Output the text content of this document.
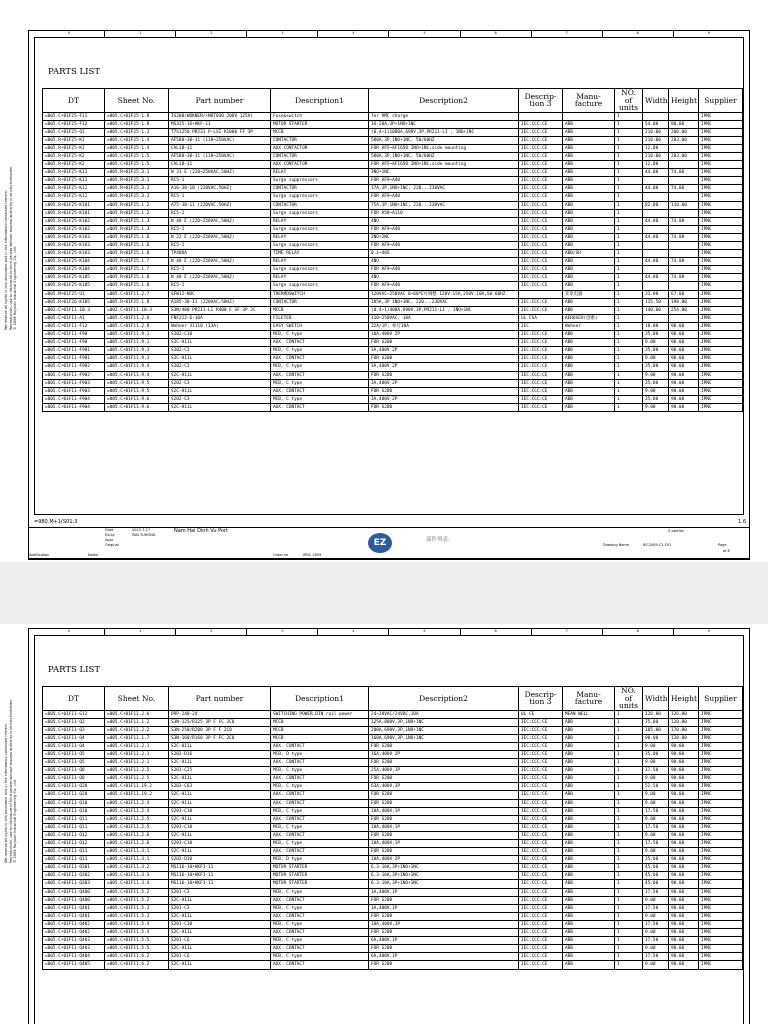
0	1	2	3	4	5	6	7	8	9
We reserve all rights in this document and in the information contained therein. Reproduction, use or disclosure to third parties without express authority is strictly forbidden. © 2009 Ruiyuan Industrial Engineering Co., Ltd.
PARTS LIST
DT	Sheet No.	Part number	Description1	Description2	Descrip- tion 3	Manu- facture	NO. of units	Width	Height	Supplier
=005.C+01F25-F11	=005.C+01F25.1.8	IS200/WOKNER/+N8T030 200V 125A(	Fuse&switch	for RMC charge			1			IPNC
=005.C+01F25-F12	=005.C+01F25.1.8	MS325-16+HKF-11	MOTOR STARTER	16-20A,3P+1NO+1NC	IEC:CCC:CE	ABB	1	54.00	80.00	IPNC
=005.C+01F25-Q1	=005.C+01F25.1.3	T7S1250 PR231 P-LSI R1000 FF 3P	MCCB	(0.4~1)1000A,690V,3P,PR211-LI , 1NO+1NC	IEC:CCC:CE	ABB	1	210.00	200.00	IPNC
=005.R+01F25-K1	=005.C+01F25.1.4	AF580-30-11 (110~250VAC)	CONTACTOR	580A,3P,1NO+1NC, 50/60HZ	IEC:CCC:CE	ABB	1	210.00	203.00	IPNC
=005.R+01F25-K1	=005.C+01F25.1.4	CAL18-11	AUX CONTACTOR	FOR AF5~AF1650 1NO+1NC,side mounting	IEC:CCC:CE	ABB	1	12.00		IPNC
=005.R+01F25-K2	=005.C+01F25.1.5	AF580-30-11 (110~250VAC)	CONTACTOR	580A,3P,1NO+1NC, 50/60HZ	IEC:CCC:CE	ABB	1	210.00	203.00	IPNC
=005.R+01F25-K2	=005.C+01F25.1.5	CAL18-11	AUX CONTACTOR	FOR AF5~AF1650 1NO+1NC,side mounting	IEC:CCC:CE	ABB	1	12.00		IPNC
=005.R+01F25-K11	=005.R+01F25.3.1	N 31 E (220~250VAC,50HZ)	RELAY	3NO+1NC	IEC:CCC:CE	ABB	1	44.00	74.00	IPNC
=005.R+01F25-K11	=005.R+01F25.3.1	RC5-1	Surge suppressors	FOR AF9~A40	IEC:CCC:CE	ABB	1			IPNC
=005.R+01F25-K12	=005.R+01F25.3.3	A16-30-10 (220VAC,50HZ)	CONTACTOR	17A,3P,1NO+1NC, 220...230VAC	IEC:CCC:CE	ABB	1	44.00	74.00	IPNC
=005.R+01F25-K12	=005.R+01F25.3.3	RC5-1	Surge suppressors	FOR AF9~A40	IEC:CCC:CE	ABB	1			IPNC
=005.R+01F25-K101	=005.R+01F25.1.2	A75-30-11 (220VAC,50HZ)	CONTACTOR	75A,3P,1NO+1NC, 220...230VAC	IEC:CCC:CE	ABB	1	82.00	110.00	IPNC
=005.R+01F25-K101	=005.R+01F25.1.2	RC5-2	Surge suppressors	FOR A50~A110	IEC:CCC:CE	ABB	1			IPNC
=005.R+01F25-K102	=005.R+01F25.1.3	N 40 E (220~250VAC,50HZ)	RELAY	4NO	IEC:CCC:CE	ABB	1	44.00	74.00	IPNC
=005.R+01F25-K102	=005.R+01F25.1.3	RC5-1	Surge suppressors	FOR AF9~A40	IEC:CCC:CE	ABB	1			IPNC
=005.R+01F25-K103	=005.R+01F25.1.6	N 22 E (220~250VAC,50HZ)	RELAY	2NO+2NC	IEC:CCC:CE	ABB	1	44.00	74.00	IPNC
=005.R+01F25-K103	=005.R+01F25.1.6	RC5-1	Surge suppressors	FOR AF9~A40	IEC:CCC:CE	ABB	1			IPNC
=005.R+01F25-K103	=005.R+01F25.1.8	TP40DA	TIME RELAY	0.1~40S	IEC:CCC:CE	ABB/SH	1			IPNC
=005.R+01F25-K104	=005.R+01F25.1.7	N 40 E (220~250VAC,50HZ)	RELAY	4NO	IEC:CCC:CE	ABB	1	44.00	74.00	IPNC
=005.R+01F25-K104	=005.R+01F25.1.7	RC5-1	Surge suppressors	FOR AF9~A40	IEC:CCC:CE	ABB	1			IPNC
=005.R+01F25-K105	=005.R+01F25.1.8	N 40 E (220~250VAC,50HZ)	RELAY	4NO	IEC:CCC:CE	ABB	1	44.00	74.00	IPNC
=005.R+01F25-K105	=005.R+01F25.1.8	RC5-1	Surge suppressors	FOR AF9~A40	IEC:CCC:CE	ABB	1			IPNC
=005.M+01F25-U1	=005.C+01F11.2.7	SFW12-NOC	THERMOSWITCH	120VAC~250VAC 0~60℃可调整 120V:15A,250V:10A,50 60HZ		亚讯电器	1	33.00	67.00	IPNC
=005.R+01F26-K105	=005.R+01F25.1.8	A185-30-11 (220VAC,50HZ)	CONTACTOR	185A,3P 1NO+1NC, 220...230VAC	IEC:CCC:CE	ABB	1	115.50	198.00	IPNC
=002.C+01F11.10.3	=002.C+01F11.10.3	S3N/400 PR211-LI R400 F SF 3P 2C	MCCB	(0.4~1)400A,690V,3P,PR211-LI , 1NO+1NC	IEC:CCC:CE	ABB	1	140.00	254.00	IPNC
=005.C+01F11-A1	=005.C+01F11.2.6	FNF212-6-10A	FILETER	110~250VAC, 10A	UL CSA	AEROSEV(创惠)	1			IPNC
=005.C+01F11-F12	=005.C+01F11.2.8	Wehner 31110 (13A)	EASY SWITCH	32A/1P, 柜灯10A	IEC	Wehner	1	18.00	90.00	IPNC
=005.C+01F11-F90	=005.C+01F11.9.1	S202-C10	MCB, C type	10A,400V 2P	IEC:CCC:CE	ABB	1	35.00	90.00	IPNC
=005.C+01F11-F90	=005.C+01F11.9.1	S2C-H11L	AUX. CONTACT	FOR S200	IEC:CCC:CE	ABB	1	9.00	90.00	IPNC
=005.C+01F11-F901	=005.C+01F11.9.3	S202-C3	MCB, C type	3A,400V 2P	IEC:CCC:CE	ABB	1	35.00	90.00	IPNC
=005.C+01F11-F901	=005.C+01F11.9.3	S2C-H11L	AUX. CONTACT	FOR S200	IEC:CCC:CE	ABB	1	9.00	90.00	IPNC
=005.C+01F11-F902	=005.C+01F11.9.4	S202-C3	MCB, C type	3A,400V 2P	IEC:CCC:CE	ABB	1	35.00	90.00	IPNC
=005.C+01F11-F902	=005.C+01F11.9.4	S2C-H11L	AUX. CONTACT	FOR S200	IEC:CCC:CE	ABB	1	9.00	90.00	IPNC
=005.C+01F11-F903	=005.C+01F11.9.5	S202-C3	MCB, C type	3A,400V 2P	IEC:CCC:CE	ABB	1	35.00	90.00	IPNC
=005.C+01F11-F903	=005.C+01F11.9.5	S2C-H11L	AUX. CONTACT	FOR S200	IEC:CCC:CE	ABB	1	9.00	90.00	IPNC
=005.C+01F11-F904	=005.C+01F11.9.6	S202-C3	MCB, C type	3A,400V 2P	IEC:CCC:CE	ABB	1	35.00	90.00	IPNC
=005.C+01F11-F904	=005.C+01F11.9.6	S2C-H11L	AUX. CONTACT	FOR S200	IEC:CCC:CE	ABB	1	9.00	90.00	IPNC
=980.M+1(S01.3	1.6
Date	2013-7-17
Ed.by	PAN YUHONG
Appr
Original
Nam Hai Dinh Vu Port
Modification	Name	Order.no	IPNC-2009
EZ	部件列表:
Z partlist
Drawing Name	IEC2009-C1-F01	Page
of 8
0	1	2	3	4	5	6	7	8	9
We reserve all rights in this document and in the information contained therein. Reproduction, use or disclosure to third parties without express authority is strictly forbidden. © 2009 Ruiyuan Industrial Engineering Co., Ltd.
PARTS LIST
DT	Sheet No.	Part number	Description1	Description2	Descrip- tion 3	Manu- facture	NO. of units	Width	Height	Supplier
=005.C+01F11-G12	=005.C+01F11.2.6	DRP-240-24	SWITCHING POWER,DIN rail power	24~28VAC/24VDC,10A	UL CE	MEAN WELL	1	126.00	126.00	IPNC
=005.C+01F11-Q2	=005.C+01F11.1.2	S3N-125/R125 3P F FC 2C0	MCCB	125A,800V,3P,1NO+1NC	IEC:CCC:CE	ABB	1	75.00	120.00	IPNC
=005.C+01F11-Q3	=005.C+01F11.2.2	S3N-250/R200 3P F F 2C0	MCCB	200A,690V,3P,1NO+1NC	IEC:CCC:CE	ABB	1	105.00	170.00	IPNC
=005.C+01F11-Q4	=005.C+01F11.1.7	S3N-160/R160 3P F FC 2C0	MCCB	160A,690V,3P,1NO+1NC	IEC:CCC:CE	ABB	1	90.00	120.00	IPNC
=005.C+01F11-Q4	=005.C+01F11.2.1	S2C-H11L	AUX. CONTACT	FOR S200	IEC:CCC:CE	ABB	1	9.00	90.00	IPNC
=005.C+01F11-Q5	=005.C+01F11.2.1	S202-D16	MCB, D type	16A,400V 2P	IEC:CCC:CE	ABB	1	35.00	90.00	IPNC
=005.C+01F11-Q5	=005.C+01F11.2.1	S2C-H11L	AUX. CONTACT	FOR S200	IEC:CCC:CE	ABB	1	9.00	90.00	IPNC
=005.C+01F11-Q8	=005.C+01F11.2.5	S201-C25	MCB, C type	25A,400V,1P	IEC:CCC:CE	ABB	1	17.50	90.00	IPNC
=005.C+01F11-Q8	=005.C+01F11.2.5	S2C-H11L	AUX. CONTACT	FOR S200	IEC:CCC:CE	ABB	1	9.00	90.00	IPNC
=005.C+01F11-Q20	=005.C+01F11.19.2	S203-C63	MCB, C type	63A,400V,3P	IEC:CCC:CE	ABB	1	52.50	90.00	IPNC
=005.C+01F11-Q20	=005.C+01F11.19.2	S2C-H11L	AUX. CONTACT	FOR S200	IEC:CCC:CE	ABB	1	9.00	90.00	IPNC
=005.C+01F11-Q10	=005.C+01F11.2.4	S2C-H11L	AUX. CONTACT	FOR S200	IEC:CCC:CE	ABB	1	9.00	90.00	IPNC
=005.C+01F11-Q10	=005.C+01F11.2.4	S201-C10	MCB, C type	10A,400V,1P	IEC:CCC:CE	ABB	1	17.50	90.00	IPNC
=005.C+01F11-Q11	=005.C+01F11.2.5	S2C-H11L	AUX. CONTACT	FOR S200	IEC:CCC:CE	ABB	1	9.00	90.00	IPNC
=005.C+01F11-Q11	=005.C+01F11.2.5	S201-C10	MCB, C type	10A,400V,1P	IEC:CCC:CE	ABB	1	17.50	90.00	IPNC
=005.C+01F11-Q12	=005.C+01F11.2.6	S2C-H11L	AUX. CONTACT	FOR S200	IEC:CCC:CE	ABB	1	9.00	90.00	IPNC
=005.C+01F11-Q12	=005.C+01F11.2.6	S201-C10	MCB, C type	10A,400V,1P	IEC:CCC:CE	ABB	1	17.50	90.00	IPNC
=005.C+01F11-Q13	=005.C+01F11.3.1	S2C-H11L	AUX. CONTACT	FOR S200	IEC:CCC:CE	ABB	1	9.00	90.00	IPNC
=005.C+01F11-Q13	=005.C+01F11.3.1	S202-D10	MCB, D type	10A,400V 2P	IEC:CCC:CE	ABB	1	35.00	90.00	IPNC
=005.C+01F11-Q301	=005.C+01F11.3.2	MS116-10+HKF1-11	MOTOR STARTER	6.3-10A,3P+1NO+1NC	IEC:CCC:CE	ABB	1	45.00	90.00	IPNC
=005.C+01F11-Q302	=005.C+01F11.3.3	MS116-10+HKF1-11	MOTOR STARTER	6.3-10A,3P+1NO+1NC	IEC:CCC:CE	ABB	1	45.00	90.00	IPNC
=005.C+01F11-Q303	=005.C+01F11.3.4	MS116-10+HKF1-11	MOTOR STARTER	6.3-10A,3P+1NO+1NC	IEC:CCC:CE	ABB	1	45.00	90.00	IPNC
=005.C+01F11-Q400	=005.C+01F11.5.2	S201-C3	MCB, C type	3A,400V,1P	IEC:CCC:CE	ABB	1	17.50	90.00	IPNC
=005.C+01F11-Q400	=005.C+01F11.5.2	S2C-H11L	AUX. CONTACT	FOR S200	IEC:CCC:CE	ABB	1	9.00	90.00	IPNC
=005.C+01F11-Q401	=005.C+01F11.5.3	S201-C3	MCB, C type	3A,400V,1P	IEC:CCC:CE	ABB	1	17.50	90.00	IPNC
=005.C+01F11-Q401	=005.C+01F11.5.3	S2C-H11L	AUX. CONTACT	FOR S200	IEC:CCC:CE	ABB	1	9.00	90.00	IPNC
=005.C+01F11-Q402	=005.C+01F11.5.4	S201-C10	MCB, C type	10A,400V,1P	IEC:CCC:CE	ABB	1	17.50	90.00	IPNC
=005.C+01F11-Q402	=005.C+01F11.5.4	S2C-H11L	AUX. CONTACT	FOR S200	IEC:CCC:CE	ABB	1	9.00	90.00	IPNC
=005.C+01F11-Q403	=005.C+01F11.5.5	S201-C6	MCB, C type	6A,400V,1P	IEC:CCC:CE	ABB	1	17.50	90.00	IPNC
=005.C+01F11-Q403	=005.C+01F11.5.5	S2C-H11L	AUX. CONTACT	FOR S200	IEC:CCC:CE	ABB	1	9.00	90.00	IPNC
=005.C+01F11-Q404	=005.C+01F11.6.2	S201-C6	MCB, C type	6A,400V,1P	IEC:CCC:CE	ABB	1	17.50	90.00	IPNC
=005.C+01F11-Q405	=005.C+01F11.6.2	S2C-H11L	AUX. CONTACT	FOR S200	IEC:CCC:CE	ABB	1	9.00	90.00	IPNC
